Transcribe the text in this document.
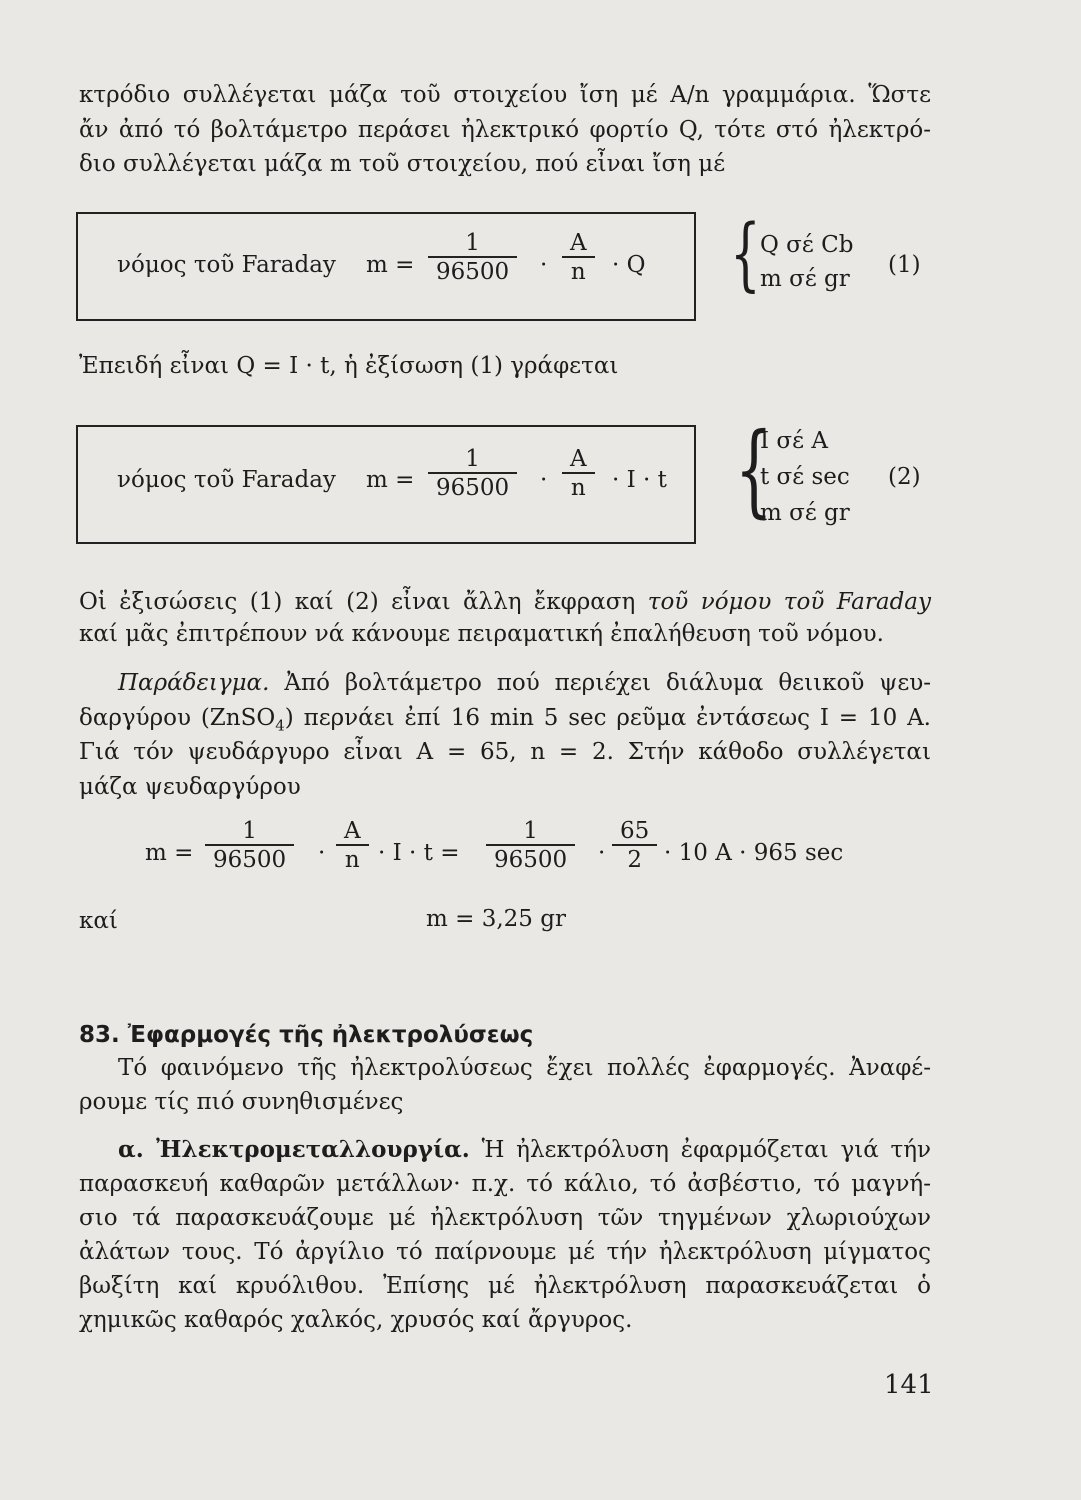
κτρόδιο συλλέγεται μάζα τοῦ στοιχείου ἴση μέ A/n γραμμάρια. Ὥστε
ἄν ἀπό τό βολτάμετρο περάσει ἠλεκτρικό φορτίο Q, τότε στό ἠλεκτρό-
διο συλλέγεται μάζα m τοῦ στοιχείου, πού εἶναι ἴση μέ
νόμος τοῦ Faraday m =
1
96500	·
A
n	· Q { Q σέ Cb
m σέ gr
(1)
Ἐπειδή εἶναι Q = I · t, ἡ ἐξίσωση (1) γράφεται
νόμος τοῦ Faraday m =
1
96500	·
A
n	· I · t {
I σέ A
t σέ sec
m σέ gr
(2)
Οἱ ἐξισώσεις (1) καί (2) εἶναι ἄλλη ἔκφραση τοῦ νόμου τοῦ Faraday
καί μᾶς ἐπιτρέπουν νά κάνουμε πειραματική ἐπαλήθευση τοῦ νόμου.
Παράδειγμα. Ἀπό βολτάμετρο πού περιέχει διάλυμα θειικοῦ ψευ-
δαργύρου (ZnSO$_4$) περνάει ἐπί 16 min 5 sec ρεῦμα ἐντάσεως I = 10 A.
Γιά τόν ψευδάργυρο εἶναι A = 65, n = 2. Στήν κάθοδο συλλέγεται
μάζα ψευδαργύρου
m =
1
96500	·
A
n · I · t =
1
96500	·
65
2 · 10 A · 965 sec
καί	m = 3,25 gr
83. Ἐφαρμογές τῆς ἠλεκτρολύσεως
Τό φαινόμενο τῆς ἠλεκτρολύσεως ἔχει πολλές ἐφαρμογές. Ἀναφέ-
ρουμε τίς πιό συνηθισμένες
α. Ἠλεκτρομεταλλουργία. Ἡ ἠλεκτρόλυση ἐφαρμόζεται γιά τήν
παρασκευή καθαρῶν μετάλλων· π.χ. τό κάλιο, τό ἀσβέστιο, τό μαγνή-
σιο τά παρασκευάζουμε μέ ἠλεκτρόλυση τῶν τηγμένων χλωριούχων
ἀλάτων τους. Τό ἀργίλιο τό παίρνουμε μέ τήν ἠλεκτρόλυση μίγματος
βωξίτη καί κρυόλιθου. Ἐπίσης μέ ἠλεκτρόλυση παρασκευάζεται ὁ
χημικῶς καθαρός χαλκός, χρυσός καί ἄργυρος.
141
